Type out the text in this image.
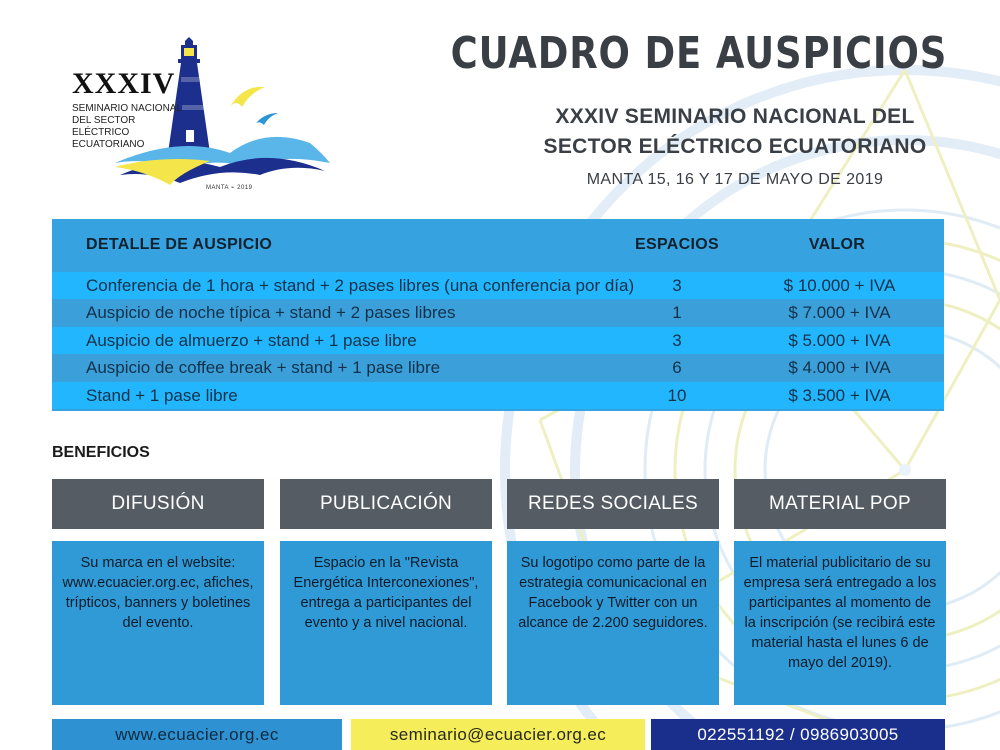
XXXIV
SEMINARIO NACIONAL
DEL SECTOR ELÉCTRICO
ECUATORIANO
MANTA ⌁ 2019
CUADRO DE AUSPICIOS
XXXIV SEMINARIO NACIONAL DEL
SECTOR ELÉCTRICO ECUATORIANO
MANTA 15, 16 Y 17 DE MAYO DE 2019
DETALLE DE AUSPICIO	ESPACIOS	VALOR
Conferencia de 1 hora + stand + 2 pases libres (una conferencia por día)	3	$ 10.000 + IVA
Auspicio de noche típica + stand + 2 pases libres	1	$ 7.000 + IVA
Auspicio de almuerzo + stand + 1 pase libre	3	$ 5.000 + IVA
Auspicio de coffee break + stand + 1 pase libre	6	$ 4.000 + IVA
Stand + 1 pase libre	10	$ 3.500 + IVA
BENEFICIOS
DIFUSIÓN	PUBLICACIÓN	REDES SOCIALES	MATERIAL POP
Su marca en el website: www.ecuacier.org.ec, afiches, trípticos, banners y boletines del evento.
Espacio en la "Revista Energética Interconexiones", entrega a participantes del evento y a nivel nacional.
Su logotipo como parte de la estrategia comunicacional en Facebook y Twitter con un alcance de 2.200 seguidores.
El material publicitario de su empresa será entregado a los participantes al momento de la inscripción (se recibirá este material hasta el lunes 6 de mayo del 2019).
www.ecuacier.org.ec	seminario@ecuacier.org.ec	022551192 / 0986903005
